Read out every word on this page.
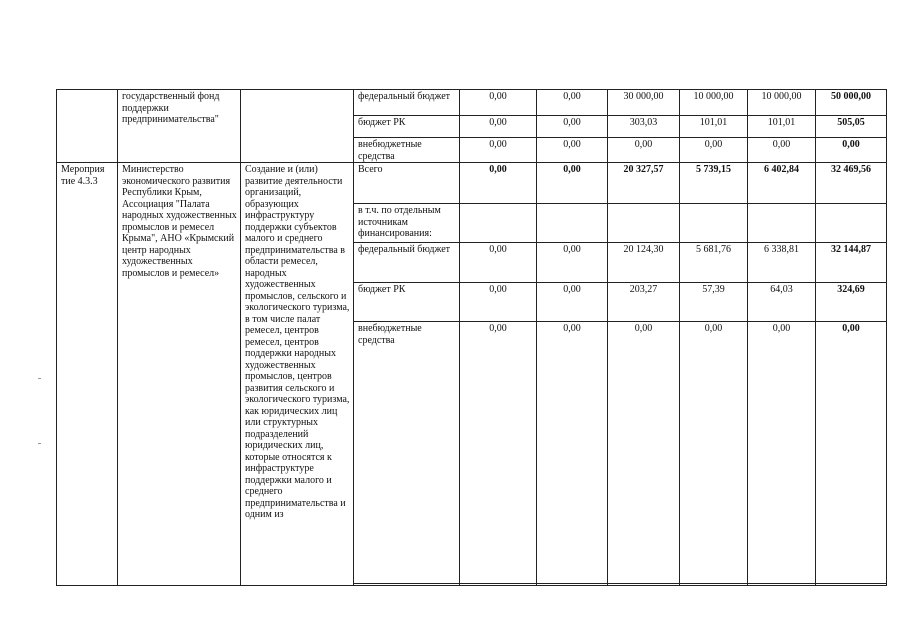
	государственный фонд поддержки предпринимательства"		федеральный бюджет	0,00	0,00	30 000,00	10 000,00	10 000,00	50 000,00
			бюджет РК	0,00	0,00	303,03	101,01	101,01	505,05
			внебюджетные средства	0,00	0,00	0,00	0,00	0,00	0,00
Мероприя тие 4.3.3	Министерство экономического развития Республики Крым, Ассоциация "Палата народных художественных промыслов и ремесел Крыма", АНО «Крымский центр народных художественных промыслов и ремесел»	Создание и (или) развитие деятельности организаций, образующих инфраструктуру поддержки субъектов малого и среднего предпринимательства в области ремесел, народных художественных промыслов, сельского и экологического туризма, в том числе палат ремесел, центров ремесел, центров поддержки народных художественных промыслов, центров развития сельского и экологического туризма, как юридических лиц или структурных подразделений юридических лиц, которые относятся к инфраструктуре поддержки малого и среднего предпринимательства и одним из	Всего	0,00	0,00	20 327,57	5 739,15	6 402,84	32 469,56
			в т.ч. по отдельным источникам финансирования:						
			федеральный бюджет	0,00	0,00	20 124,30	5 681,76	6 338,81	32 144,87
			бюджет РК	0,00	0,00	203,27	57,39	64,03	324,69
			внебюджетные средства	0,00	0,00	0,00	0,00	0,00	0,00
